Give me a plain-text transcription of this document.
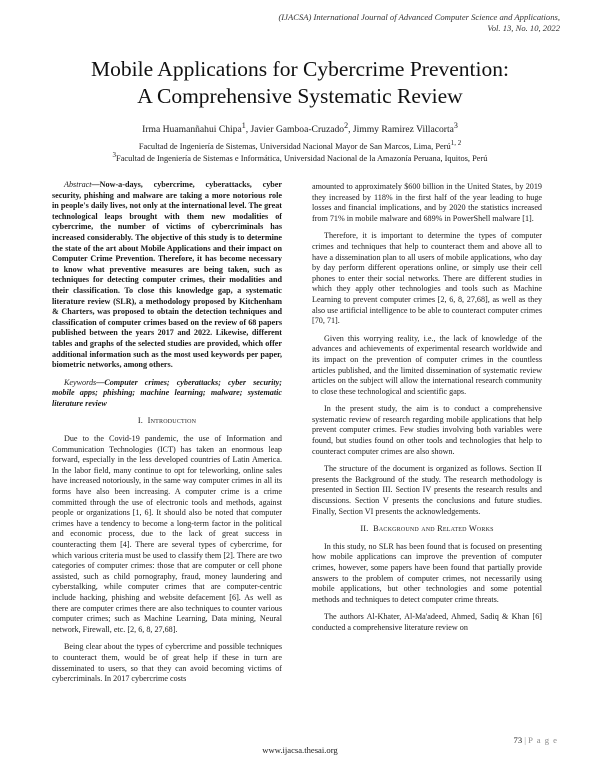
(IJACSA) International Journal of Advanced Computer Science and Applications,
Vol. 13, No. 10, 2022
Mobile Applications for Cybercrime Prevention:
A Comprehensive Systematic Review
Irma Huamanñahui Chipa$^1$, Javier Gamboa-Cruzado$^2$, Jimmy Ramirez Villacorta$^3$
Facultad de Ingeniería de Sistemas, Universidad Nacional Mayor de San Marcos, Lima, Perú$^{1, 2}$
$^3$Facultad de Ingeniería de Sistemas e Informática, Universidad Nacional de la Amazonía Peruana, Iquitos, Perú

Abstract—Now-a-days, cybercrime, cyberattacks, cyber security, phishing and malware are taking a more notorious role in people's daily lives, not only at the international level. The great technological leaps brought with them new modalities of cybercrime, the number of victims of cybercriminals has increased considerably. The objective of this study is to determine the state of the art about Mobile Applications and their impact on Computer Crime Prevention. Therefore, it has become necessary to know what preventive measures are being taken, such as techniques for detecting computer crimes, their modalities and their classification. To close this knowledge gap, a systematic literature review (SLR), a methodology proposed by Kitchenham & Charters, was proposed to obtain the detection techniques and classification of computer crimes based on the review of 68 papers published between the years 2017 and 2022. Likewise, different tables and graphs of the selected studies are provided, which offer additional information such as the most used keywords per paper, biometric networks, among others.

Keywords—Computer crimes; cyberattacks; cyber security; mobile apps; phishing; machine learning; malware; systematic literature review

I. Introduction

Due to the Covid-19 pandemic, the use of Information and Communication Technologies (ICT) has taken an enormous leap forward, especially in the less developed countries of Latin America. In the labor field, many continue to opt for teleworking, online sales have increased notoriously, in the same way computer crimes in all its forms have also been increasing. A computer crime is a crime committed through the use of electronic tools and methods, against people or organizations [1, 6]. It should also be noted that computer crimes have a tendency to become a long-term factor in the political and economic process, due to the lack of great success in counteracting them [4]. There are several types of cybercrime, for which various criteria must be used to classify them [2]. There are two categories of computer crimes: those that are computer or cell phone assisted, such as child pornography, fraud, money laundering and cyberstalking, while computer crimes that are computer-centric include hacking, phishing and website defacement [6]. As well as there are computer crimes there are also techniques to counter various computer crimes; such as Machine Learning, Data mining, Neural network, Firewall, etc. [2, 6, 8, 27,68].

Being clear about the types of cybercrime and possible techniques to counteract them, would be of great help if these in turn are disseminated to users, so that they can avoid becoming victims of cybercriminals. In 2017 cybercrime costs

amounted to approximately $600 billion in the United States, by 2019 they increased by 118% in the first half of the year leading to huge losses and financial implications, and by 2020 the statistics increased from 71% in mobile malware and 689% in PowerShell malware [1].

Therefore, it is important to determine the types of computer crimes and techniques that help to counteract them and above all to have a dissemination plan to all users of mobile applications, who day by day perform different operations online, or simply use their cell phones to enter their social networks. There are different studies in which they apply other technologies and tools such as Machine Learning to prevent computer crimes [2, 6, 8, 27,68], as well as they also use artificial intelligence to be able to counteract computer crimes [70, 71].

Given this worrying reality, i.e., the lack of knowledge of the advances and achievements of experimental research worldwide and its impact on the prevention of computer crimes in the countless articles published, and the limited dissemination of systematic review articles on the subject will allow the international research community to close these technological and scientific gaps.

In the present study, the aim is to conduct a comprehensive systematic review of research regarding mobile applications that help prevent computer crimes. Few studies involving both variables were found, but studies found on other tools and technologies that help to counteract computer crimes are also shown.

The structure of the document is organized as follows. Section II presents the Background of the study. The research methodology is presented in Section III. Section IV presents the research results and discussions. Section V presents the conclusions and future studies. Finally, Section VI presents the acknowledgements.

II. Background and Related Works

In this study, no SLR has been found that is focused on presenting how mobile applications can improve the prevention of computer crimes, however, some papers have been found that partially provide answers to the problem of computer crimes, not necessarily using mobile applications, but other technologies and some potential methods and techniques to detect computer crime threats.

The authors Al-Khater, Al-Ma'adeed, Ahmed, Sadiq & Khan [6] conducted a comprehensive literature review on

73 | P a g e
www.ijacsa.thesai.org
